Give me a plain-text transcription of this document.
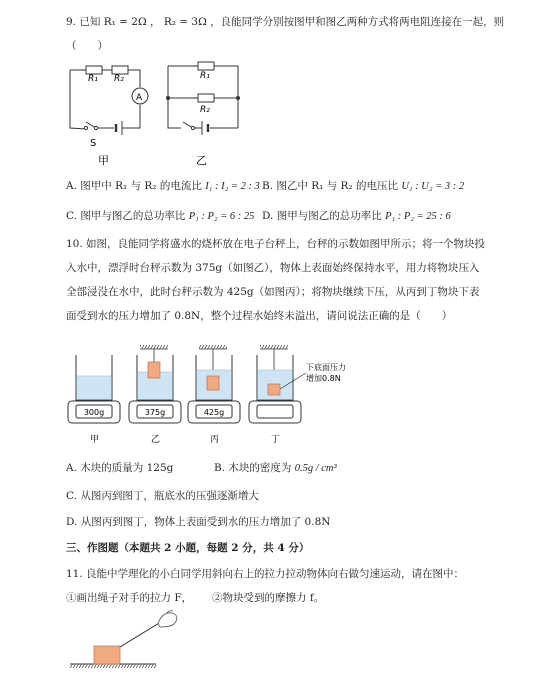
9. 已知 R₁ = 2Ω ， R₂ = 3Ω ，良能同学分别按图甲和图乙两种方式将两电阻连接在一起，则
（　　）
R₁ R₂
A
S
R₁
R₂
甲	乙
A. 图甲中 R₁ 与 R₂ 的电流比 I₁ : I₂ = 2 : 3 B. 图乙中 R₁ 与 R₂ 的电压比 U₁ : U₂ = 3 : 2
C. 图甲与图乙的总功率比 P₁ : P₂ = 6 : 25 D. 图甲与图乙的总功率比 P₁ : P₂ = 25 : 6
10. 如图，良能同学将盛水的烧杯放在电子台秤上，台秤的示数如图甲所示；将一个物块投
入水中，漂浮时台秤示数为 375g（如图乙），物体上表面始终保持水平，用力将物块压入
全部浸没在水中，此时台秤示数为 425g（如图丙）；将物块继续下压，从丙到丁物块下表
面受到水的压力增加了 0.8N，整个过程水始终未溢出，请问说法正确的是（　　）
300g	375g	425g
下底面压力
增加0.8N
甲	乙	丙	丁
A. 木块的质量为 125g	B. 木块的密度为 0.5g / cm³
C. 从图丙到图丁，瓶底水的压强逐渐增大
D. 从图丙到图丁，物体上表面受到水的压力增加了 0.8N
三、作图题（本题共 2 小题，每题 2 分，共 4 分）
11. 良能中学理化的小白同学用斜向右上的拉力拉动物体向右做匀速运动，请在图中：
①画出绳子对手的拉力 F， ②物块受到的摩擦力 f。
